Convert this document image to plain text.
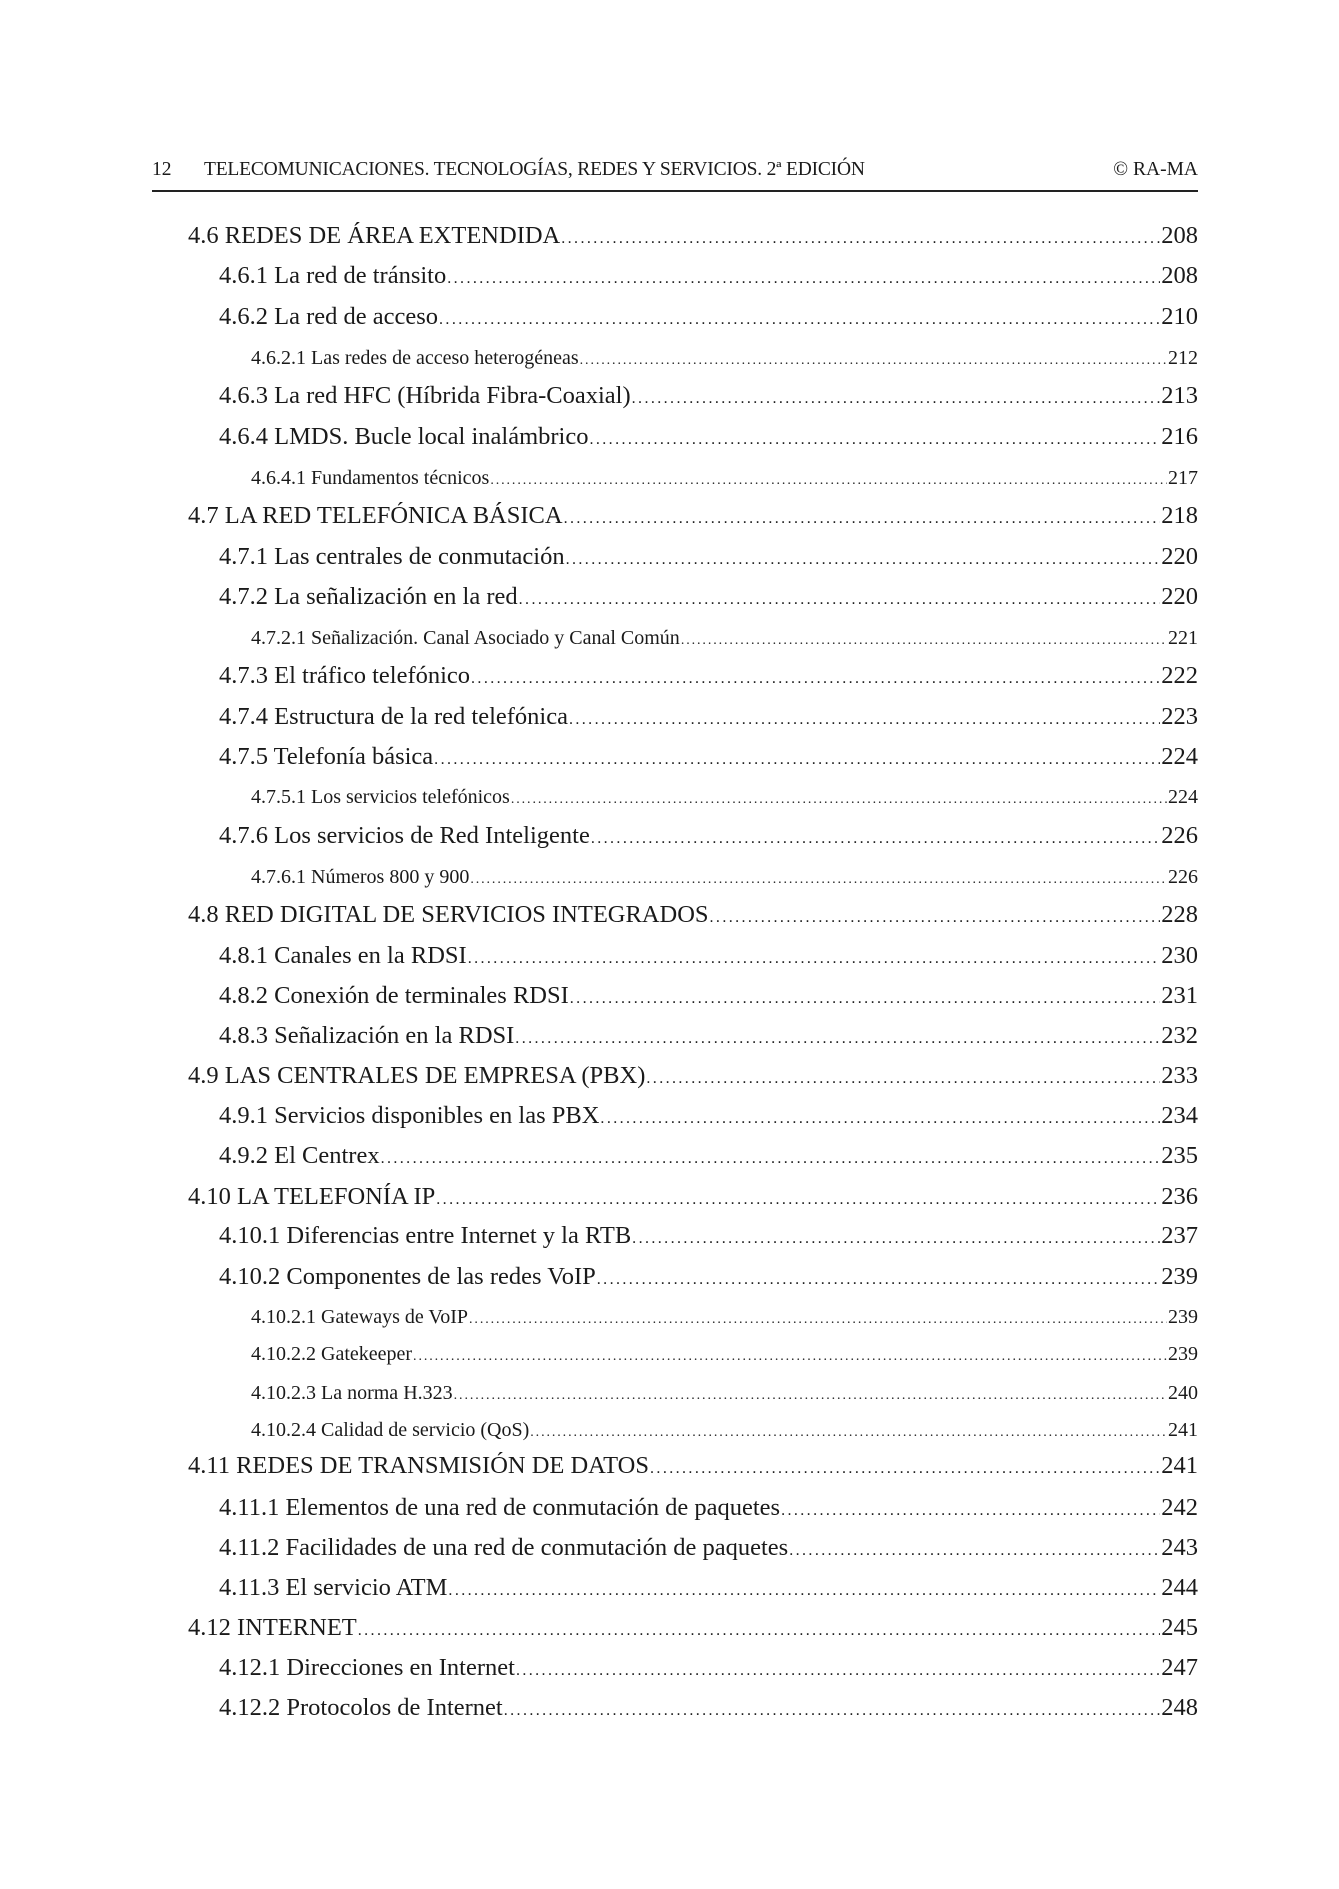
12 TELECOMUNICACIONES. TECNOLOGÍAS, REDES Y SERVICIOS. 2ª EDICIÓN	© RA-MA
4.6 REDES DE ÁREA EXTENDIDA . . .	208
4.6.1 La red de tránsito . . .	208
4.6.2 La red de acceso . . .	210
4.6.2.1 Las redes de acceso heterogéneas . . .	212
4.6.3 La red HFC (Híbrida Fibra-Coaxial) . . .	213
4.6.4 LMDS. Bucle local inalámbrico . . .	216
4.6.4.1 Fundamentos técnicos . . .	217
4.7 LA RED TELEFÓNICA BÁSICA . . .	218
4.7.1 Las centrales de conmutación . . .	220
4.7.2 La señalización en la red . . .	220
4.7.2.1 Señalización. Canal Asociado y Canal Común . . .	221
4.7.3 El tráfico telefónico . . .	222
4.7.4 Estructura de la red telefónica . . .	223
4.7.5 Telefonía básica . . .	224
4.7.5.1 Los servicios telefónicos . . .	224
4.7.6 Los servicios de Red Inteligente . . .	226
4.7.6.1 Números 800 y 900 . . .	226
4.8 RED DIGITAL DE SERVICIOS INTEGRADOS . . .	228
4.8.1 Canales en la RDSI . . .	230
4.8.2 Conexión de terminales RDSI . . .	231
4.8.3 Señalización en la RDSI . . .	232
4.9 LAS CENTRALES DE EMPRESA (PBX) . . .	233
4.9.1 Servicios disponibles en las PBX . . .	234
4.9.2 El Centrex . . .	235
4.10 LA TELEFONÍA IP . . .	236
4.10.1 Diferencias entre Internet y la RTB . . .	237
4.10.2 Componentes de las redes VoIP . . .	239
4.10.2.1 Gateways de VoIP . . .	239
4.10.2.2 Gatekeeper . . .	239
4.10.2.3 La norma H.323 . . .	240
4.10.2.4 Calidad de servicio (QoS) . . .	241
4.11 REDES DE TRANSMISIÓN DE DATOS . . .	241
4.11.1 Elementos de una red de conmutación de paquetes . . .	242
4.11.2 Facilidades de una red de conmutación de paquetes . . .	243
4.11.3 El servicio ATM . . .	244
4.12 INTERNET . . .	245
4.12.1 Direcciones en Internet . . .	247
4.12.2 Protocolos de Internet . . .	248
